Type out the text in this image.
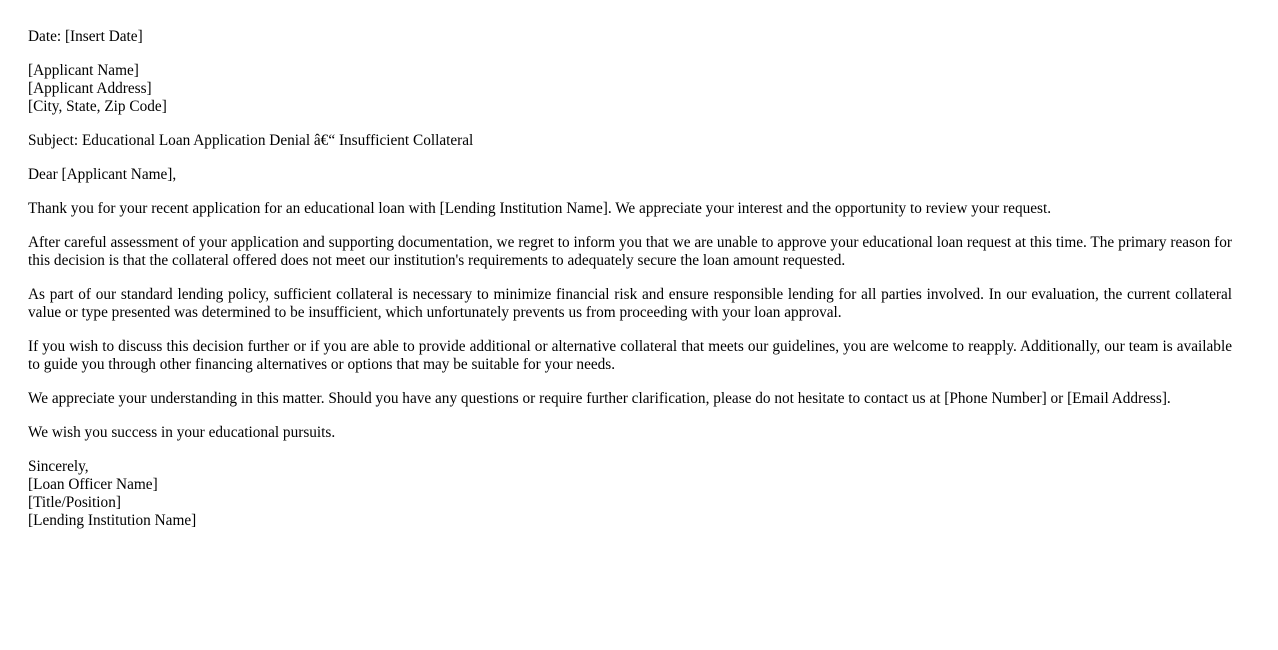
Date: [Insert Date]
[Applicant Name]
[Applicant Address]
[City, State, Zip Code]
Subject: Educational Loan Application Denial â€“ Insufficient Collateral
Dear [Applicant Name],

Thank you for your recent application for an educational loan with [Lending Institution Name]. We appreciate your interest and the opportunity to review your request.

After careful assessment of your application and supporting documentation, we regret to inform you that we are unable to approve your educational loan request at this time. The primary reason for this decision is that the collateral offered does not meet our institution's requirements to adequately secure the loan amount requested.

As part of our standard lending policy, sufficient collateral is necessary to minimize financial risk and ensure responsible lending for all parties involved. In our evaluation, the current collateral value or type presented was determined to be insufficient, which unfortunately prevents us from proceeding with your loan approval.

If you wish to discuss this decision further or if you are able to provide additional or alternative collateral that meets our guidelines, you are welcome to reapply. Additionally, our team is available to guide you through other financing alternatives or options that may be suitable for your needs.

We appreciate your understanding in this matter. Should you have any questions or require further clarification, please do not hesitate to contact us at [Phone Number] or [Email Address].

We wish you success in your educational pursuits.

Sincerely,
[Loan Officer Name]
[Title/Position]
[Lending Institution Name]
